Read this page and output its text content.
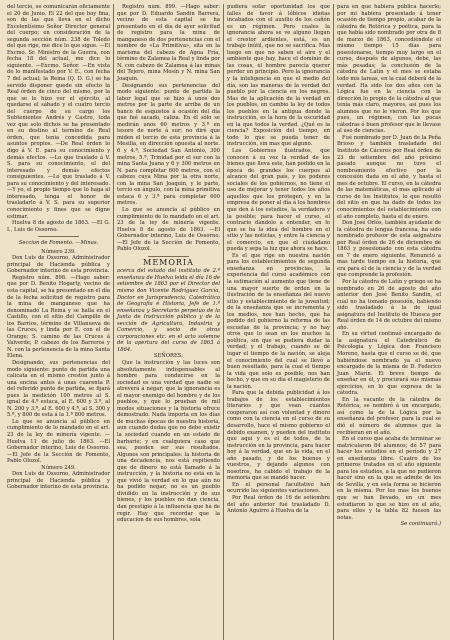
del tercio, se comunicarán oficiamente el 20 de Junio. El 22 del que hoy fina, son de las que lleva en el dicho Excelentísimo Señor Director general del cuerpo; en consideración de la segunda sección núm. 238 de Toledo del que rige, me dice lo que sigue. —El Excmo. Sr. Ministro de la Guerra, con fecha 18 del actual, me dice lo siguiente. —Excmo. Señor. —En vista de lo manifestado por V. E., con fecha 7 del actual; la Reina (Q. D. G.) se ha servido disponer quede sin efecto la Real órden de cinco del mismo, por la que se le hizo ver el ejército, al quedarse el sábado y el cuatro tercio del cuerpo de su cargo los Subtenientes Andrés y Castro, toda vez que solo dichos se ha presentado en su destino al termino de Real órden, que tenia concedida para asuntos propios. —De Real órden lo digo á V. E. para su conocimiento y demás efectos. —Lo que traslado á V. S. para su conocimiento, el del interesado y demás efectos consiguientes. —Lo que traslado á V. para su conocimiento y del interesado. —Y yo, el propio tiempo que lo haga al interesado, tenga el honor de trasladarlo á V. S. para su superior conocimiento y fines que se digne estimar.

Huelva 8 de agosto de 1863. —El G. I., Luis de Ossorno.

Seccion de Fomento. —Minas.

Número 239.

Don Luis de Ossorno, Administrador principal de Hacienda pública y Gobernador interino de esta provincia.

Registro núm. 898. —Hago saber: que por D. Benito Hogarty, vecino de esta capital, se ha presentado en el día de la fecha solicitud de registro para la mina de manganeso que ha denominado La Reina y se halla en el Castillo, con el sitio del Campillo de los Barrios, término de Villanueva de las Cruces, y linda por E. con el de Orange; S. camino de las Cruces á Valverde; P. cabezo de los Barreros y N. con la pertenencia de la mina Santa Elena.

Designando, sus pertenencias del modo siguiente: punto de partida una calicata en el mismo crestón junto á una encina antes á unas cuarenta P. del referido punto de partida, se fijará pues la medición 100 metros al S. ignal de 4.ª estaca, al E. 600 y 3.ª, al N. 200 y 3.ª, al E. 600 y 4.ª, al S. 300 y 5.ª, y 800 de esta á la 1.ª 800 metros.

Lo que se anuncia al público en cumplimiento de lo mandado en el art. 23 de la ley de minería vigente. —Huelva 11 de julio de 1863. —El Gobernador interino, Luis de Ossorno. —El Jefe de la Sección de Fomento, Pablo Olozol.

Número 249.

Don Luis de Ossorno, Administrador principal de Hacienda pública y Gobernador interino de esta provincia.

Registro núm. 899. —Hago saber: que por D. Eduardo Sandin Barrera, vecino de esta capital se ha presentado en el día de ayer solicitud de registro para la mina de manganeso de dos pertenencias con el nombre de «La Primitiva», sita en la marisma del cabezo de Agua Fría, término de Zalamea la Real y linda por N. con cabezo de Zalamea á las minas del Tejero, mina Mosín y N. mina San Joaquin.

Designando sus pertenencias del modo siguiente: punto de partida la labor legal que se hizo á unos dos metros por la parte de arriba de un banco de esquistos á ocasión del día que fué sacado, caliza. En él sólo se medirán unos 60 metros y 3.ª en tesoro de norte á sur; no diré que miden el tercio de esta provincia á la Mesilla, en dirección opuesta al norte. 6 y 4.ª, Sociedad San Antonio, 300 metros, 5.ª, Trinidad por el sur con la mina Santa Juana y 6 y 300 metros en N. para completar 600 metros, con el cabezo cuya Mina por la otra norte, con la mina San Joaquin, y le parte, tercio en ángulo, con la mina primitiva estaca 6 y 3.ª para completar 600 metros.

Lo que se anuncia al público en cumplimiento de lo mandado en el art. 23 de la ley de minería vigente. Huelva 8 de agosto de 1863. —El Gobernador interino, Luis de Ossorno. —El Jefe de la Sección de Fomento, Pablo Olozol.

MEMORIA

acerca del estado del instituto de 2.ª enseñanza de Huelva leida el día 16 de setiembre de 1863 por el Director del mismo don Vicente Rodríguez García, Doctor en Jurisprudencia, Catedrático de Geografía é Historia, Jefe de 1.ª enseñanza y Secretario perpetuo de la Junta de Instrucción pública y de la sección de Agricultura, Industria y Comercio, y socio de otras corporaciones etc. en el acto solemne de la apertura del curso de 1863 á 1864.

SEÑORES:

Que la instrucción y las luces son absolutamente indispensables al hombre para conducirse en la sociedad es una verdad que nadie se atreverá á negar; que la ignorancia es el mayor enemigo del hombre y de los pueblos, y que lo prueban de mil modos situaciones y la historia ofrece demostrado. Nada importa en los días de muchas épocas de nuestra historia, aun cuando dudas que no debe existir la sociedad cuando en un estado de barbarie; y en cualquiera caso que sea, pueden ser sus resultados. Algunos son principales: la historia de una decadencia, nos está repitiendo que de dinero no está llamado á la instrucción, y la historia no está en la que vivió la verdad en lo que aún no ha podido negar; no es un pueblo dividido en la instrucción y de sus bienes, y los pueblos no dan ciencia, dan prestigio á la influencia que ha de regir. Hay que recordar que la educacion de sus hombres, sola

pudiera sofar oportunidad los que falles de favor á lóbicos idiotas incabados con el auxilio de los cañón es un régimen. Pero cuales la ignorancia ahora se ve alguno llegan el crestor ardientes, está, es un trabajo inútil, que no se sacrifica. Mas luego en que no saben el aire y el ambiente que hay, hace el dominio de las cosas, el hombre parecía querer perder un principio. Pero la ignorancia y la inteligencia en que el medio del día, son las maneras de la verdad del pueblo por la ciencia en los negros. Mas de la aplicación de la verdad en los pueblos, en cambio la ley de todos los pueblos en la antigua donde la instrucción, es la hora de la oscuridad en la que todos la verdad. ¿Qué es la ciencia? Exposición del tiempo, en todo lo que se pueda tener de instrucción, sin mas que alguno.

Los Gobiernos ilustrados, que conocen á su vez la verdad de los bienes que lleva este, han podido en la época de grandes los cuerpos al alcance del gran país, y los poderes sociales de los gobiernos, no tiene el uso de mejorar y tener todos los años aquellos que los protegen, y en la empresa de poner al día á los hombres que den á los estudios, la verdadera y la posible; para hacer el curso, el contrario dándolo a entender, en lo que se ha la idea del hombre en el sitio y las noticias, y entre la ciencia y el comercio, en que el ciudadano pueda y sepa la luz que ahora se hace.

Es el que rige en nuestra nación para los establecimientos de segunda enseñanza en provincias, la experiencia del curso académico con la estimación al aumento que tiene de una mayor suerte de orden en la ilustración de la enseñanza del nuevo sitio y establecimiento de la juventud; de la enseñanza que se incrementa y los medios, nos han hecho, que ha podido del gobierno la reforma de las escuelas de la provincia; y no hay otros que lo sean en los muchos la política, sin que se pudiera dudar la verdad; y el trabajo, cuando se dé lugar el tiempo de la nación, se aleja el conocimiento del cual se llevó a buen resultado, para la cual el tiempo la vida que solo es posible, nos han hecho, y que en su día el magisterio de la nación.

Para que la debida publicidad á los trabajos de los establecimientos literarios y que vean cuantos cooperaron así con voluntad y dinero como con la ciencia en el curso de su desarrollo, hace el mismo gobierno el debido examen, y pueden del instituto que aquí y es el de todos, de la instrucción en la provincia, para hacer hoy á la verdad, que en la vida, en el año pasado, y de los buenos y vuestros, y dejando algunos con nosotros, ha cabido el trabajo de la memoria que se mandó hacer.

En el personal facultativo han ocurrido las siguientes variaciones.

Por Real órden de 16 de setiembre del año anterior fué trasladado D. Antonio Aguirre á Huelva de la

para en que habiera pública hacerlo; por mi habiera presentado á tener ocasión de tiempo propio, acabar de la cátedra de Retórica y poética, para la que había sido nombrado por otra de 8 de marzo de 1863, concediéndole el mismo tiempo 15 días para posesionarse, tiempo muy largo en el curso, después de algunos, debe, las más pesadas; la conclusión de la cátedra de Latín y el mes se estaba todo mis tareas, en la cual deberá de la verdad. Ha sido los dos años con la Lógica fue en la ciencia con la dirección lo propio de la cátedra al que tenía más claro, mayores, así pues los alumnos que no le vieron. Por los que pues, un régimen, con las pocas cátedras ó buen profesor que le llevase al uso de ciencias.

Fué nombrado por D. Juan de la Peña Brioso y también trasladado del Instituto de Cáceres por Real órden de 23 de setiembre del año próximo pasado aunque no tuvo el nombramiento efectivo por la concesión dada en el año, y hasta el mes de octubre. El curso, en la cátedra de las matemáticas, el mas aplicado al curso de los Institutos, lo que resultó del sitio en que ha dado de todos los conocimientos del establecimiento con el año completo, hasta el de enero.

Don José Orlós, también ayudante de la cátedra de lengua francesa, ha sido nombrado profesor de esta asignatura por Real órden de 26 de diciembre de 1863 y posesionado con esta cátedra en 7 de enero siguiente. Renunció a mas tarde tiempo en la historia, que era para él de la ciencia y de la verdad que comprende la profesión.

Por la cátedra de Latín y griego se ha nombrado en 26 de agosto del año anterior don José Benito Sandin, el cual no ha tomado posesión, habiendo sido trasladado á la de igual asignatura del Instituto de Huesca por Real órden de 14 de octubre del mismo año.

En su virtud continuó encargado de la asignatura el Catedrático de Psicología y Lógica don Francisco Moreno, hasta que el curso se dé, que habiéndose nombrado ya el nuevo encargado de la misma de D. Federico Juan Marín. El breve tiempo de enseñar en él, y procurará sus mismas ejercicios, en lo que expresa de la cátedra.

En la vacante de la cátedra de Retórica, se nombró á un encargado, así como la de la Lógica por la enseñanza del profesor, para la cual se dió el número de alumnos que la recibieran en el año.

En el curso que acaba de terminar se matricularon 84 alumnos; de 57 para hacer los estudios en el período y 27 en enseñanza libre. Cuatro de los primeros tratados en el año siguiente para los estudios, a la que no pudieron hacer sino en la que se admite de los de Sevilla, y en esta forma se hicieron en la misma. Por los mas los buenos que se han llevado, en un mes estudiaron lo que se hizo en el año, para ellos y la tabla 82 fuesen las notas.

Se continuará.)
